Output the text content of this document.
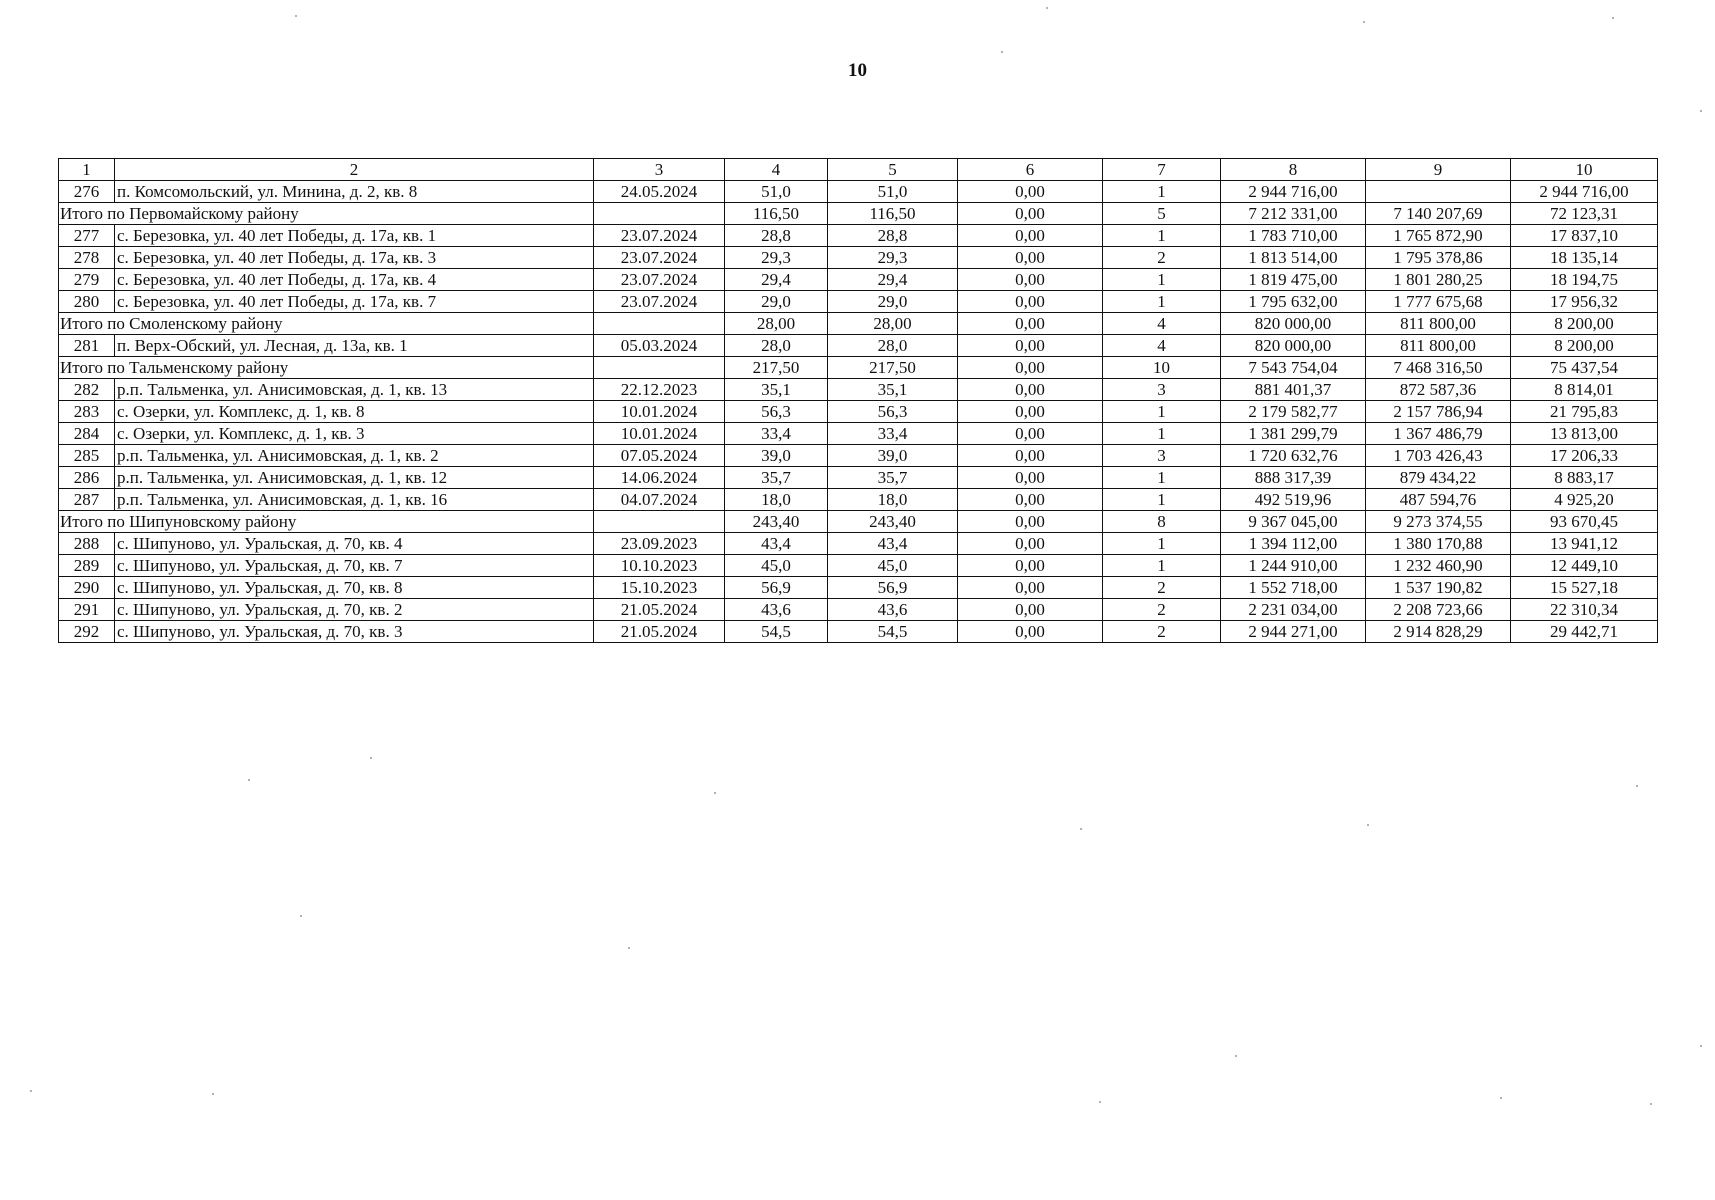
10
1	2	3	4	5	6	7	8	9	10
276	п. Комсомольский, ул. Минина, д. 2, кв. 8	24.05.2024	51,0	51,0	0,00	1	2 944 716,00		2 944 716,00
Итого по Первомайскому району			116,50	116,50	0,00	5	7 212 331,00	7 140 207,69	72 123,31
277	с. Березовка, ул. 40 лет Победы, д. 17а, кв. 1	23.07.2024	28,8	28,8	0,00	1	1 783 710,00	1 765 872,90	17 837,10
278	с. Березовка, ул. 40 лет Победы, д. 17а, кв. 3	23.07.2024	29,3	29,3	0,00	2	1 813 514,00	1 795 378,86	18 135,14
279	с. Березовка, ул. 40 лет Победы, д. 17а, кв. 4	23.07.2024	29,4	29,4	0,00	1	1 819 475,00	1 801 280,25	18 194,75
280	с. Березовка, ул. 40 лет Победы, д. 17а, кв. 7	23.07.2024	29,0	29,0	0,00	1	1 795 632,00	1 777 675,68	17 956,32
Итого по Смоленскому району			28,00	28,00	0,00	4	820 000,00	811 800,00	8 200,00
281	п. Верх-Обский, ул. Лесная, д. 13а, кв. 1	05.03.2024	28,0	28,0	0,00	4	820 000,00	811 800,00	8 200,00
Итого по Тальменскому району			217,50	217,50	0,00	10	7 543 754,04	7 468 316,50	75 437,54
282	р.п. Тальменка, ул. Анисимовская, д. 1, кв. 13	22.12.2023	35,1	35,1	0,00	3	881 401,37	872 587,36	8 814,01
283	с. Озерки, ул. Комплекс, д. 1, кв. 8	10.01.2024	56,3	56,3	0,00	1	2 179 582,77	2 157 786,94	21 795,83
284	с. Озерки, ул. Комплекс, д. 1, кв. 3	10.01.2024	33,4	33,4	0,00	1	1 381 299,79	1 367 486,79	13 813,00
285	р.п. Тальменка, ул. Анисимовская, д. 1, кв. 2	07.05.2024	39,0	39,0	0,00	3	1 720 632,76	1 703 426,43	17 206,33
286	р.п. Тальменка, ул. Анисимовская, д. 1, кв. 12	14.06.2024	35,7	35,7	0,00	1	888 317,39	879 434,22	8 883,17
287	р.п. Тальменка, ул. Анисимовская, д. 1, кв. 16	04.07.2024	18,0	18,0	0,00	1	492 519,96	487 594,76	4 925,20
Итого по Шипуновскому району			243,40	243,40	0,00	8	9 367 045,00	9 273 374,55	93 670,45
288	с. Шипуново, ул. Уральская, д. 70, кв. 4	23.09.2023	43,4	43,4	0,00	1	1 394 112,00	1 380 170,88	13 941,12
289	с. Шипуново, ул. Уральская, д. 70, кв. 7	10.10.2023	45,0	45,0	0,00	1	1 244 910,00	1 232 460,90	12 449,10
290	с. Шипуново, ул. Уральская, д. 70, кв. 8	15.10.2023	56,9	56,9	0,00	2	1 552 718,00	1 537 190,82	15 527,18
291	с. Шипуново, ул. Уральская, д. 70, кв. 2	21.05.2024	43,6	43,6	0,00	2	2 231 034,00	2 208 723,66	22 310,34
292	с. Шипуново, ул. Уральская, д. 70, кв. 3	21.05.2024	54,5	54,5	0,00	2	2 944 271,00	2 914 828,29	29 442,71
